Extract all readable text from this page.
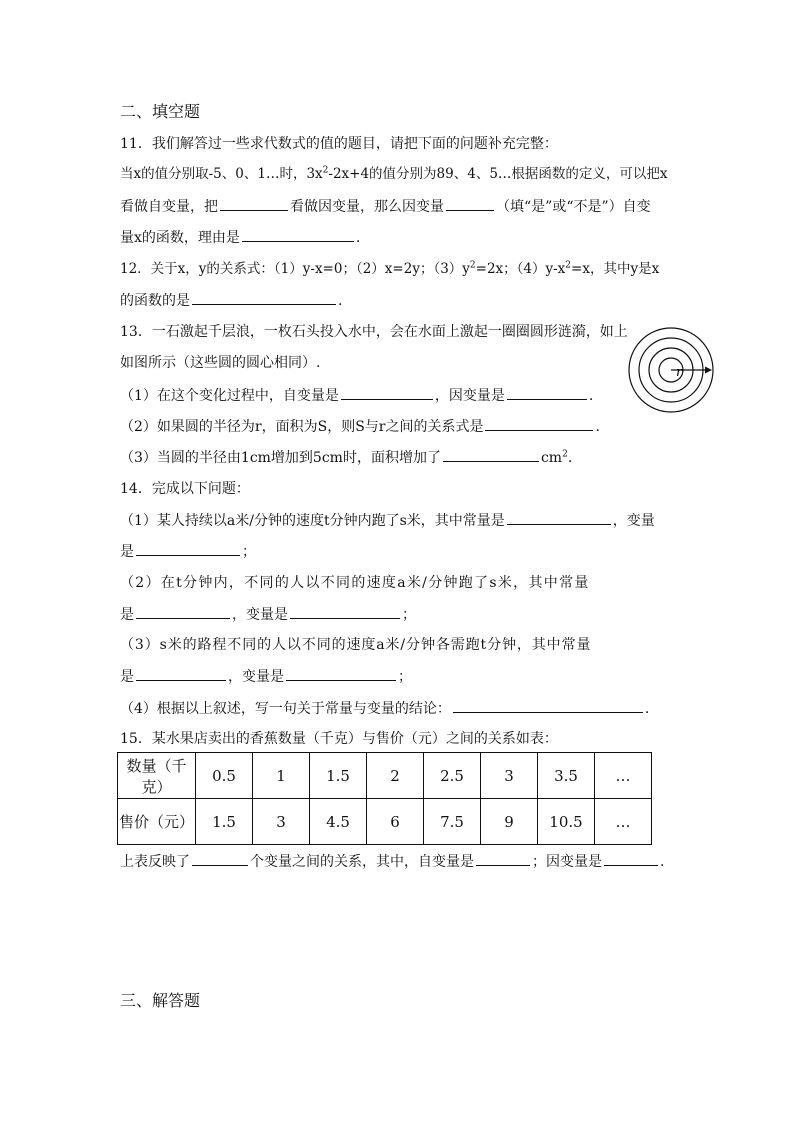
二、填空题
11．我们解答过一些求代数式的值的题目，请把下面的问题补充完整：
当x的值分别取-5、0、1…时，$3x^2-2x+4$的值分别为89、4、5…根据函数的定义，可以把x
看做自变量，把	看做因变量，那么因变量	（填“是”或“不是”）自变
量x的函数，理由是	.
12．关于x，y的关系式：（1）y-x=0；（2）x=2y；$(3)y^2=2x$；$(4)y-x^2=x$，其中y是x
的函数的是	.
13．一石激起千层浪，一枚石头投入水中，会在水面上激起一圈圈圆形涟漪，如上
如图所示（这些圆的圆心相同）.
（1）在这个变化过程中，自变量是	，因变量是	.
（2）如果圆的半径为r，面积为S，则S与r之间的关系式是	.
（3）当圆的半径由1cm增加到5cm时，面积增加了	$cm^2$.
r
14．完成以下问题：
（1）某人持续以a米/分钟的速度t分钟内跑了s米，其中常量是	，变量
是	；
（2）在t分钟内，不同的人以不同的速度a米/分钟跑了s米，其中常量
是	，变量是	；
（3）s米的路程不同的人以不同的速度a米/分钟各需跑t分钟，其中常量
是	，变量是	；
（4）根据以上叙述，写一句关于常量与变量的结论：	.
15．某水果店卖出的香蕉数量（千克）与售价（元）之间的关系如表：
数量（千克）	0.5	1	1.5	2	2.5	3	3.5	…
售价（元）	1.5	3	4.5	6	7.5	9	10.5	…
上表反映了	个变量之间的关系，其中，自变量是	；因变量是	.
三、解答题
